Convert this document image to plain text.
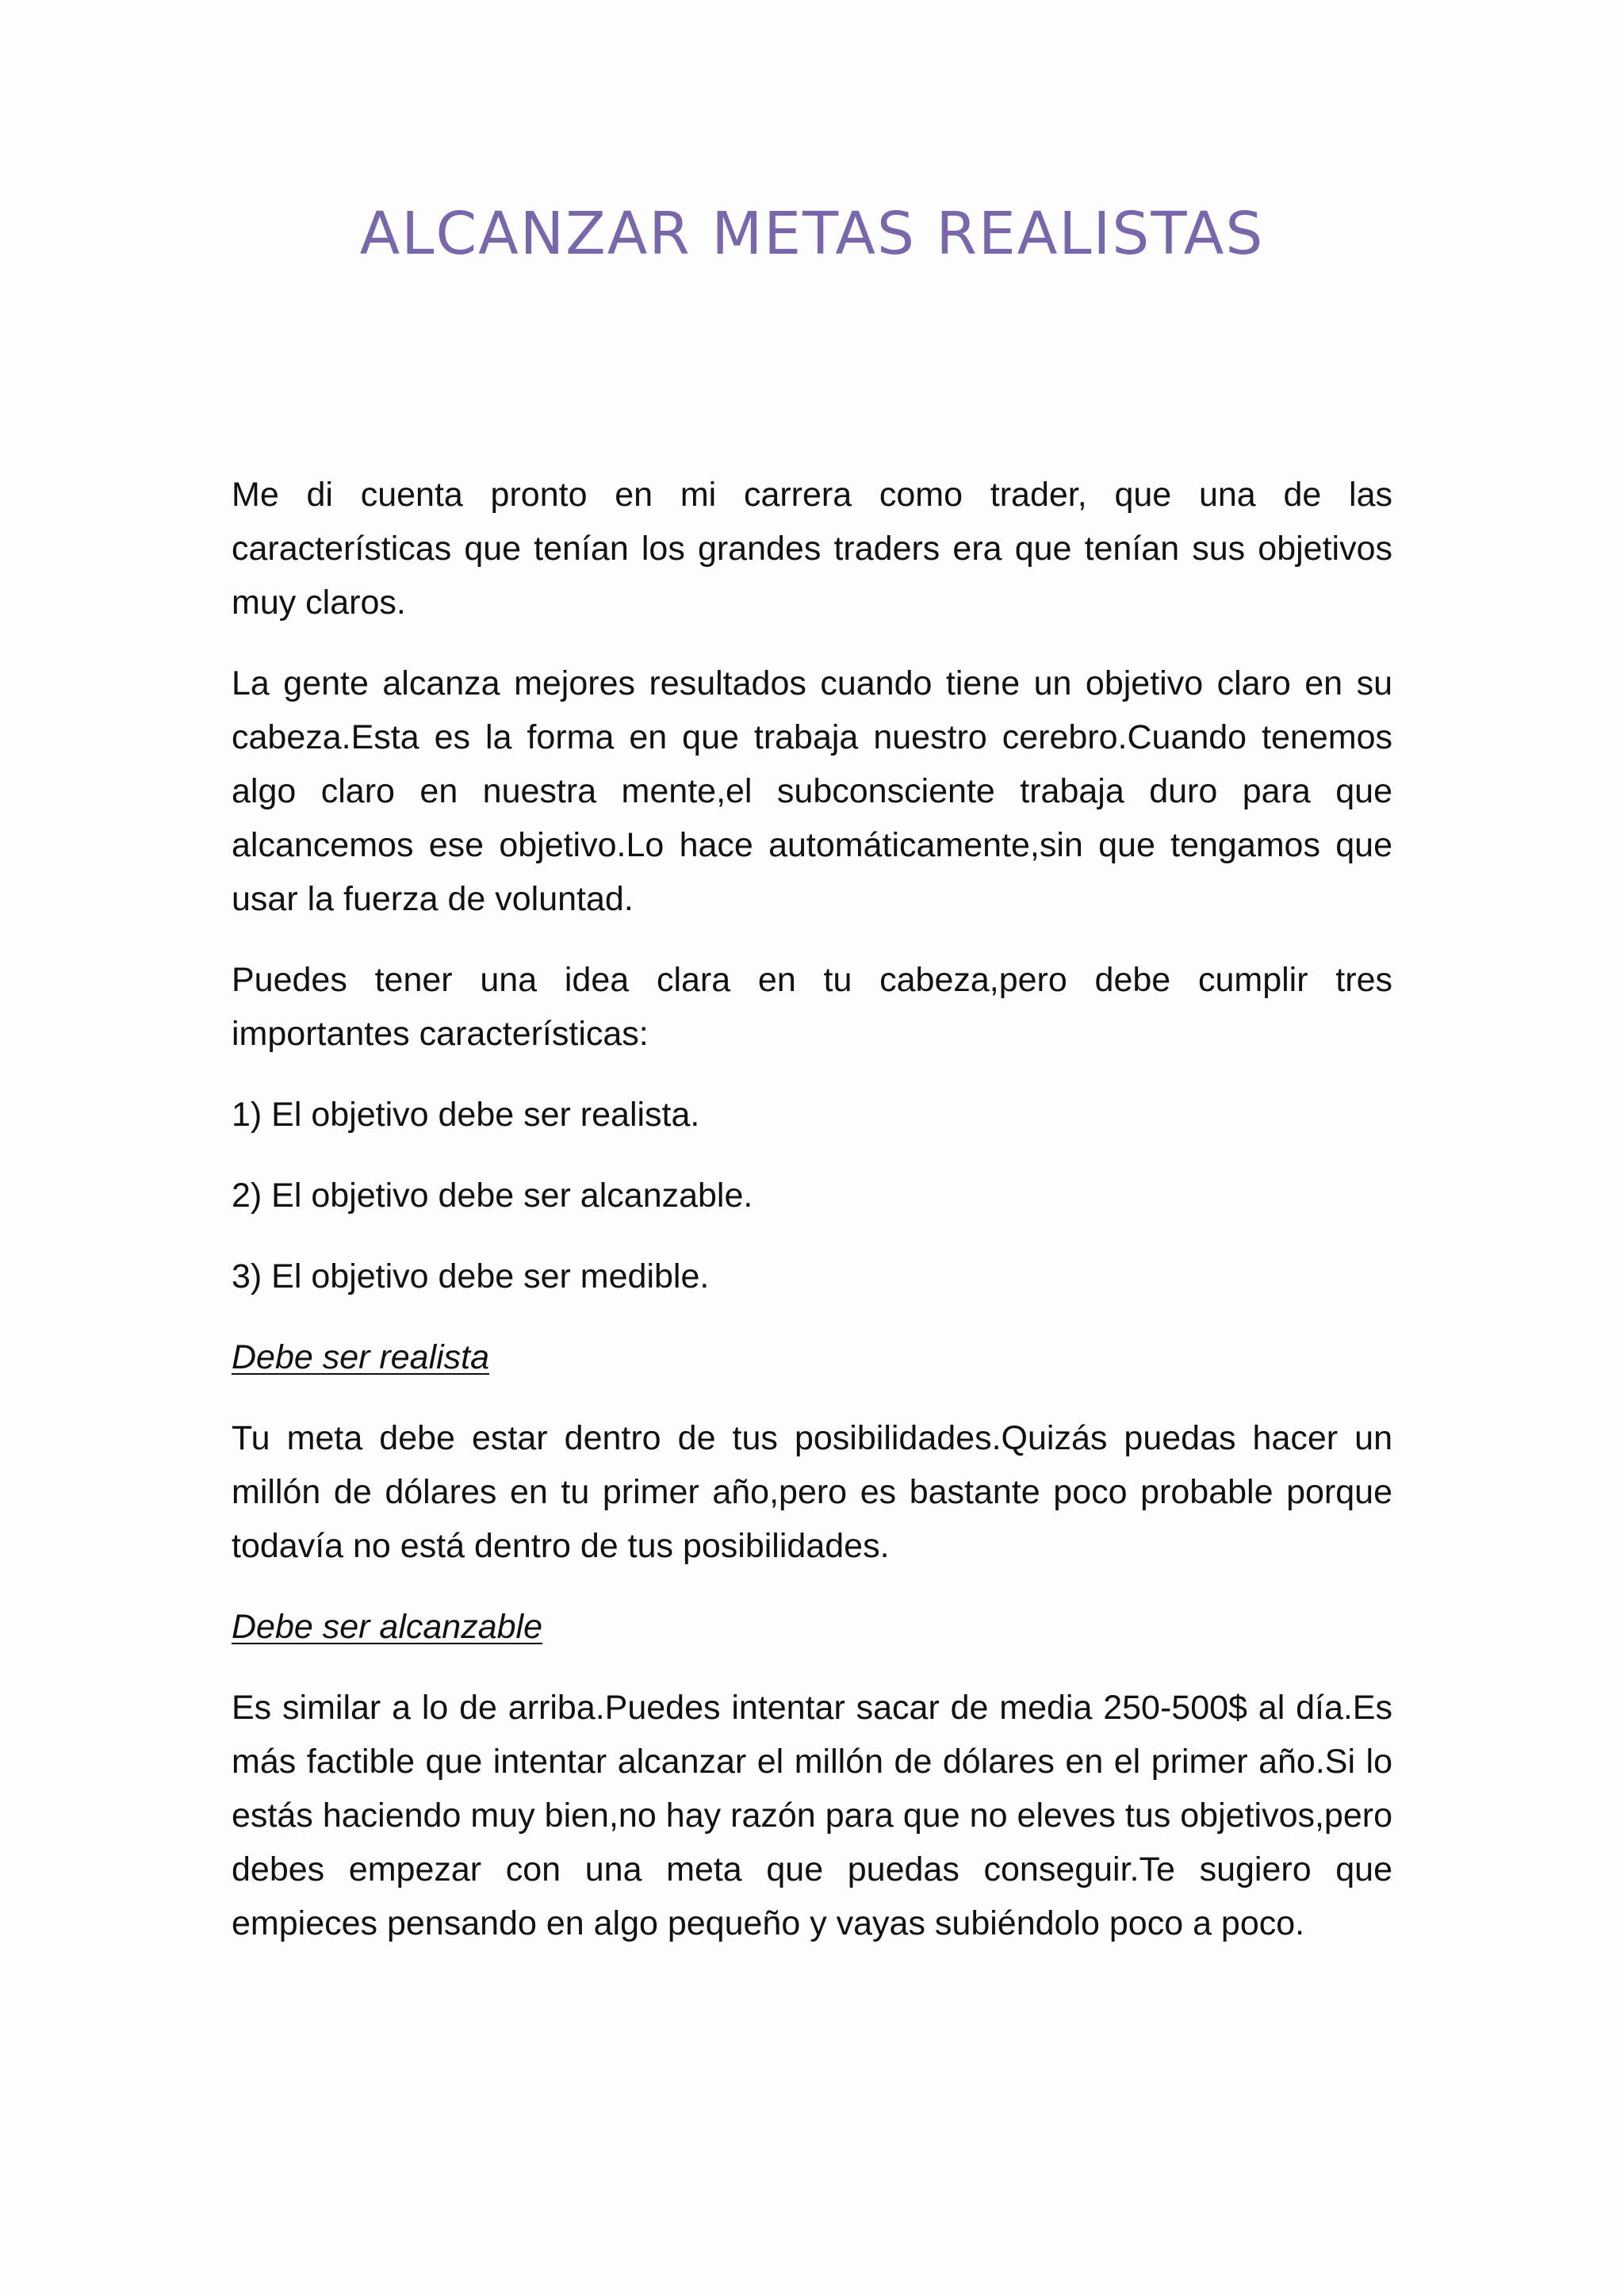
ALCANZAR METAS REALISTAS

Me di cuenta pronto en mi carrera como trader, que una de las características que tenían los grandes traders era que tenían sus objetivos muy claros.

La gente alcanza mejores resultados cuando tiene un objetivo claro en su cabeza.Esta es la forma en que trabaja nuestro cerebro.Cuando tenemos algo claro en nuestra mente,el subconsciente trabaja duro para que alcancemos ese objetivo.Lo hace automáticamente,sin que tengamos que usar la fuerza de voluntad.

Puedes tener una idea clara en tu cabeza,pero debe cumplir tres importantes características:

1) El objetivo debe ser realista.

2) El objetivo debe ser alcanzable.

3) El objetivo debe ser medible.

Debe ser realista

Tu meta debe estar dentro de tus posibilidades.Quizás puedas hacer un millón de dólares en tu primer año,pero es bastante poco probable porque todavía no está dentro de tus posibilidades.

Debe ser alcanzable

Es similar a lo de arriba.Puedes intentar sacar de media 250-500$ al día.Es más factible que intentar alcanzar el millón de dólares en el primer año.Si lo estás haciendo muy bien,no hay razón para que no eleves tus objetivos,pero debes empezar con una meta que puedas conseguir.Te sugiero que empieces pensando en algo pequeño y vayas subiéndolo poco a poco.
